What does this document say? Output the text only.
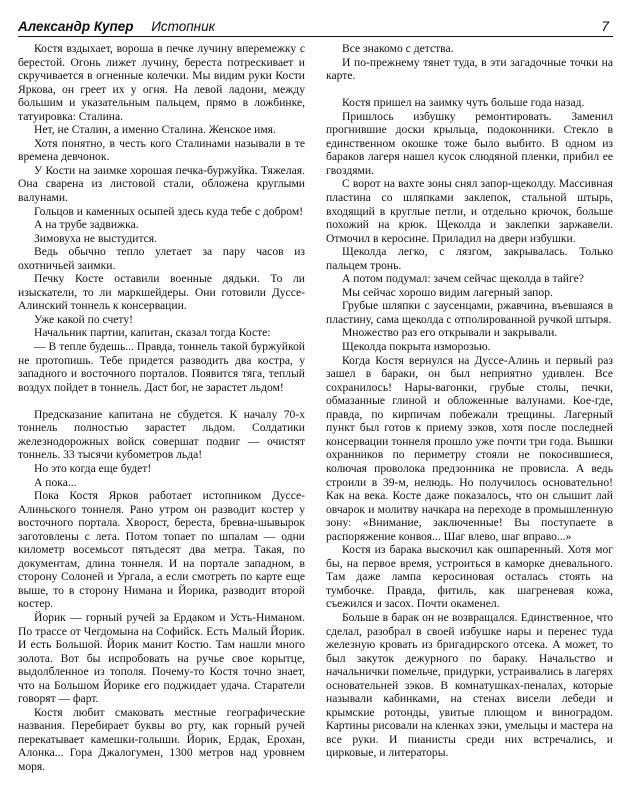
Александр Купер Истопник	7

Костя вздыхает, вороша в печке лучину вперемежку с берестой. Огонь лижет лучину, береста потрескивает и скручивается в огненные колечки. Мы видим руки Кости Яркова, он греет их у огня. На левой ладони, между большим и указательным пальцем, прямо в ложбинке, татуировка: Сталина.

Нет, не Сталин, а именно Сталина. Женское имя.

Хотя понятно, в честь кого Сталинами называли в те времена девчонок.

У Кости на заимке хорошая печка-буржуйка. Тяжелая. Она сварена из листовой стали, обложена круглыми валунами.

Гольцов и каменных осыпей здесь куда тебе с добром!

А на трубе задвижка.

Зимовуха не выстудится.

Ведь обычно тепло улетает за пару часов из охотничьей заимки.

Печку Косте оставили военные дядьки. То ли изыскатели, то ли маркшейдеры. Они готовили Дуссе-Алинский тоннель к консервации.

Уже какой по счету!

Начальник партии, капитан, сказал тогда Косте:

— В тепле будешь... Правда, тоннель такой буржуйкой не протопишь. Тебе придется разводить два костра, у западного и восточного порталов. Появится тяга, теплый воздух пойдет в тоннель. Даст бог, не зарастет льдом!

Предсказание капитана не сбудется. К началу 70-х тоннель полностью зарастет льдом. Солдатики железнодорожных войск совершат подвиг — очистят тоннель. 33 тысячи кубометров льда!

Но это когда еще будет!

А пока...

Пока Костя Ярков работает истопником Дуссе-Алиньского тоннеля. Рано утром он разводит костер у восточного портала. Хворост, береста, бревна-шывырок заготовлены с лета. Потом топает по шпалам — одни километр восемьсот пятьдесят два метра. Такая, по документам, длина тоннеля. И на портале западном, в сторону Солоней и Ургала, а если смотреть по карте еще выше, то в сторону Нимана и Йорика, разводит второй костер.

Йорик — горный ручей за Ердаком и Усть-Ниманом. По трассе от Чегдомына на Софийск. Есть Малый Йорик. И есть Большой. Йорик манит Костю. Там нашли много золота. Вот бы испробовать на ручье свое корытце, выдолбленное из тополя. Почему-то Костя точно знает, что на Большом Йорике его поджидает удача. Старатели говорят — фарт.

Костя любит смаковать местные географические названия. Перебирает буквы во рту, как горный ручей перекатывает камешки-голыши. Йорик, Ердак, Ерохан, Алонка... Гора Джалогумен, 1300 метров над уровнем моря.

Все знакомо с детства.

И по-прежнему тянет туда, в эти загадочные точки на карте.

Костя пришел на заимку чуть больше года назад.

Пришлось избушку ремонтировать. Заменил прогнившие доски крыльца, подоконники. Стекло в единственном окошке тоже было выбито. В одном из бараков лагеря нашел кусок слюдяной пленки, прибил ее гвоздями.

С ворот на вахте зоны снял запор-щеколду. Массивная пластина со шляпками заклепок, стальной штырь, входящий в круглые петли, и отдельно крючок, больше похожий на крюк. Щеколда и заклепки заржавели. Отмочил в керосине. Приладил на двери избушки.

Щеколда легко, с лязгом, закрывалась. Только пальцем тронь.

А потом подумал: зачем сейчас щеколда в тайге?

Мы сейчас хорошо видим лагерный запор.

Грубые шляпки с заусенцами, ржавчина, въевшаяся в пластину, сама щеколда с отполированной ручкой штыря.

Множество раз его открывали и закрывали.

Щеколда покрыта изморозью.

Когда Костя вернулся на Дуссе-Алинь и первый раз зашел в бараки, он был неприятно удивлен. Все сохранилось! Нары-вагонки, грубые столы, печки, обмазанные глиной и обложенные валунами. Кое-где, правда, по кирпичам побежали трещины. Лагерный пункт был готов к приему зэков, хотя после последней консервации тоннеля прошло уже почти три года. Вышки охранников по периметру стояли не покосившиеся, колючая проволока предзонника не провисла. А ведь строили в 39-м, нелюдь. Но получилось основательно! Как на века. Косте даже показалось, что он слышит лай овчарок и молитву начкара на переходе в промышленную зону: «Внимание, заключенные! Вы поступаете в распоряжение конвоя... Шаг влево, шаг вправо...»

Костя из барака выскочил как ошпаренный. Хотя мог бы, на первое время, устроиться в каморке дневального. Там даже лампа керосиновая осталась стоять на тумбочке. Правда, фитиль, как шагреневая кожа, съежился и засох. Почти окаменел.

Больше в барак он не возвращался. Единственное, что сделал, разобрал в своей избушке нары и перенес туда железную кровать из бригадирского отсека. А может, то был закуток дежурного по бараку. Начальство и начальнички помельче, придурки, устраивались в лагерях основательней зэков. В комнатушках-пеналах, которые называли кабинками, на стенах висели лебеди и крымские ротонды, увитые плющом и виноградом. Картины рисовали на кленках зэки, умельцы и мастера на все руки. И пианисты среди них встречались, и цирковые, и литераторы.
